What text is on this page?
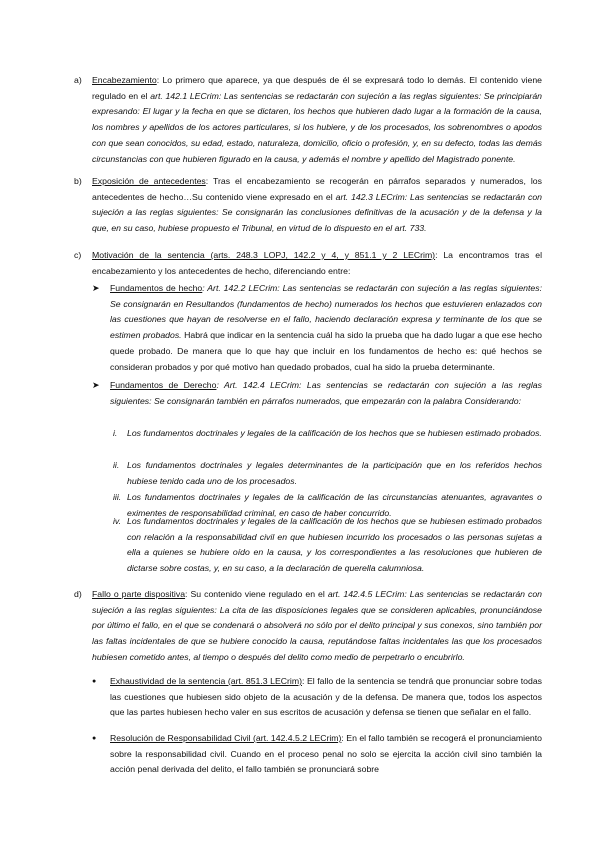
a) Encabezamiento: Lo primero que aparece, ya que después de él se expresará todo lo demás. El contenido viene regulado en el art. 142.1 LECrim: Las sentencias se redactarán con sujeción a las reglas siguientes: Se principiarán expresando: El lugar y la fecha en que se dictaren, los hechos que hubieren dado lugar a la formación de la causa, los nombres y apellidos de los actores particulares, si los hubiere, y de los procesados, los sobrenombres o apodos con que sean conocidos, su edad, estado, naturaleza, domicilio, oficio o profesión, y, en su defecto, todas las demás circunstancias con que hubieren figurado en la causa, y además el nombre y apellido del Magistrado ponente.

b) Exposición de antecedentes: Tras el encabezamiento se recogerán en párrafos separados y numerados, los antecedentes de hecho…Su contenido viene expresado en el art. 142.3 LECrim: Las sentencias se redactarán con sujeción a las reglas siguientes: Se consignarán las conclusiones definitivas de la acusación y de la defensa y la que, en su caso, hubiese propuesto el Tribunal, en virtud de lo dispuesto en el art. 733.

c) Motivación de la sentencia (arts. 248.3 LOPJ, 142.2 y 4, y 851.1 y 2 LECrim): La encontramos tras el encabezamiento y los antecedentes de hecho, diferenciando entre:

➤ Fundamentos de hecho: Art. 142.2 LECrim: Las sentencias se redactarán con sujeción a las reglas siguientes: Se consignarán en Resultandos (fundamentos de hecho) numerados los hechos que estuvieren enlazados con las cuestiones que hayan de resolverse en el fallo, haciendo declaración expresa y terminante de los que se estimen probados. Habrá que indicar en la sentencia cuál ha sido la prueba que ha dado lugar a que ese hecho quede probado. De manera que lo que hay que incluir en los fundamentos de hecho es: qué hechos se consideran probados y por qué motivo han quedado probados, cual ha sido la prueba determinante.

➤ Fundamentos de Derecho: Art. 142.4 LECrim: Las sentencias se redactarán con sujeción a las reglas siguientes: Se consignarán también en párrafos numerados, que empezarán con la palabra Considerando:

i. Los fundamentos doctrinales y legales de la calificación de los hechos que se hubiesen estimado probados.

ii. Los fundamentos doctrinales y legales determinantes de la participación que en los referidos hechos hubiese tenido cada uno de los procesados.

iii. Los fundamentos doctrinales y legales de la calificación de las circunstancias atenuantes, agravantes o eximentes de responsabilidad criminal, en caso de haber concurrido.

iv. Los fundamentos doctrinales y legales de la calificación de los hechos que se hubiesen estimado probados con relación a la responsabilidad civil en que hubiesen incurrido los procesados o las personas sujetas a ella a quienes se hubiere oído en la causa, y los correspondientes a las resoluciones que hubieren de dictarse sobre costas, y, en su caso, a la declaración de querella calumniosa.

d) Fallo o parte dispositiva: Su contenido viene regulado en el art. 142.4.5 LECrim: Las sentencias se redactarán con sujeción a las reglas siguientes: La cita de las disposiciones legales que se consideren aplicables, pronunciándose por último el fallo, en el que se condenará o absolverá no sólo por el delito principal y sus conexos, sino también por las faltas incidentales de que se hubiere conocido la causa, reputándose faltas incidentales las que los procesados hubiesen cometido antes, al tiempo o después del delito como medio de perpetrarlo o encubrirlo.

● Exhaustividad de la sentencia (art. 851.3 LECrim): El fallo de la sentencia se tendrá que pronunciar sobre todas las cuestiones que hubiesen sido objeto de la acusación y de la defensa. De manera que, todos los aspectos que las partes hubiesen hecho valer en sus escritos de acusación y defensa se tienen que señalar en el fallo.

● Resolución de Responsabilidad Civil (art. 142.4.5.2 LECrim): En el fallo también se recogerá el pronunciamiento sobre la responsabilidad civil. Cuando en el proceso penal no solo se ejercita la acción civil sino también la acción penal derivada del delito, el fallo también se pronunciará sobre
